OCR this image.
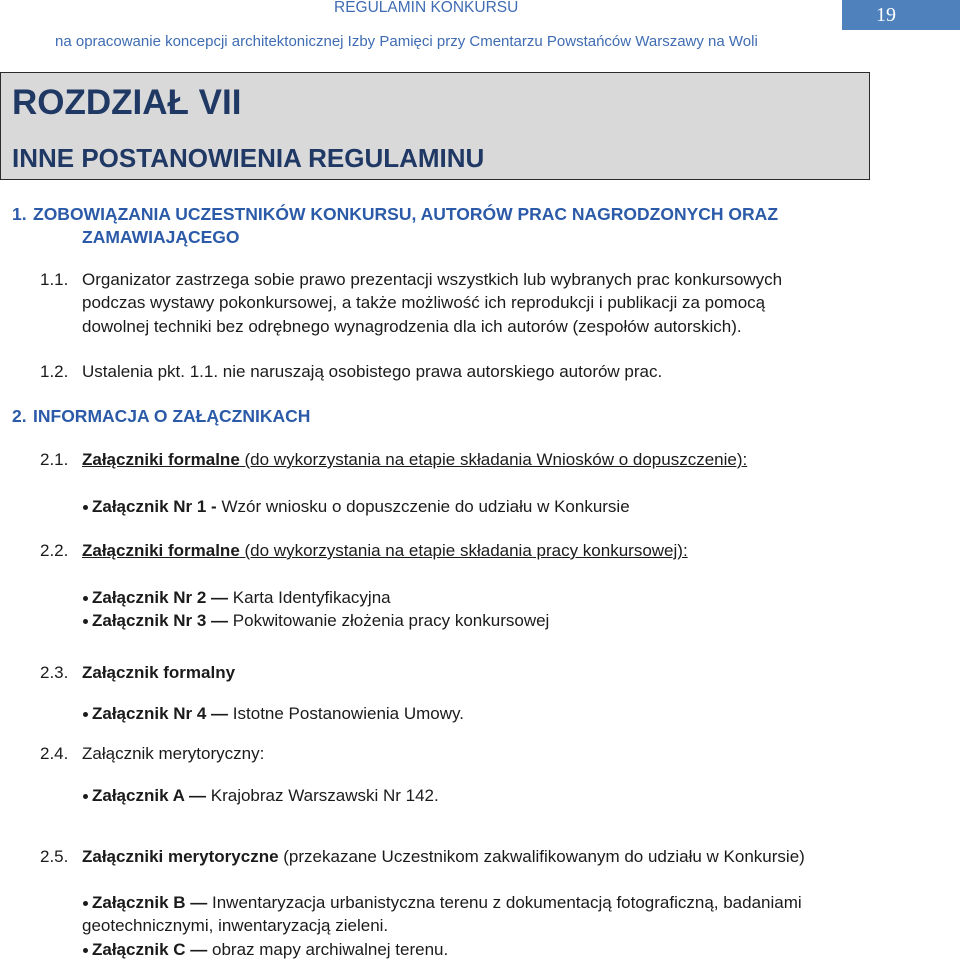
REGULAMIN KONKURSU
na opracowanie koncepcji architektonicznej Izby Pamięci przy Cmentarzu Powstańców Warszawy na Woli
19
ROZDZIAŁ VII
INNE POSTANOWIENIA REGULAMINU
1. ZOBOWIĄZANIA UCZESTNIKÓW KONKURSU, AUTORÓW PRAC NAGRODZONYCH ORAZ
ZAMAWIAJĄCEGO
1.1. Organizator zastrzega sobie prawo prezentacji wszystkich lub wybranych prac konkursowych
podczas wystawy pokonkursowej, a także możliwość ich reprodukcji i publikacji za pomocą
dowolnej techniki bez odrębnego wynagrodzenia dla ich autorów (zespołów autorskich).
1.2. Ustalenia pkt. 1.1. nie naruszają osobistego prawa autorskiego autorów prac.
2. INFORMACJA O ZAŁĄCZNIKACH
2.1. Załączniki formalne (do wykorzystania na etapie składania Wniosków o dopuszczenie):
Załącznik Nr 1 - Wzór wniosku o dopuszczenie do udziału w Konkursie
2.2. Załączniki formalne (do wykorzystania na etapie składania pracy konkursowej):
Załącznik Nr 2 — Karta Identyfikacyjna
Załącznik Nr 3 — Pokwitowanie złożenia pracy konkursowej
2.3. Załącznik formalny
Załącznik Nr 4 — Istotne Postanowienia Umowy.
2.4. Załącznik merytoryczny:
Załącznik A — Krajobraz Warszawski Nr 142.
2.5. Załączniki merytoryczne (przekazane Uczestnikom zakwalifikowanym do udziału w Konkursie)
Załącznik B — Inwentaryzacja urbanistyczna terenu z dokumentacją fotograficzną, badaniami
geotechnicznymi, inwentaryzacją zieleni.
Załącznik C — obraz mapy archiwalnej terenu.
